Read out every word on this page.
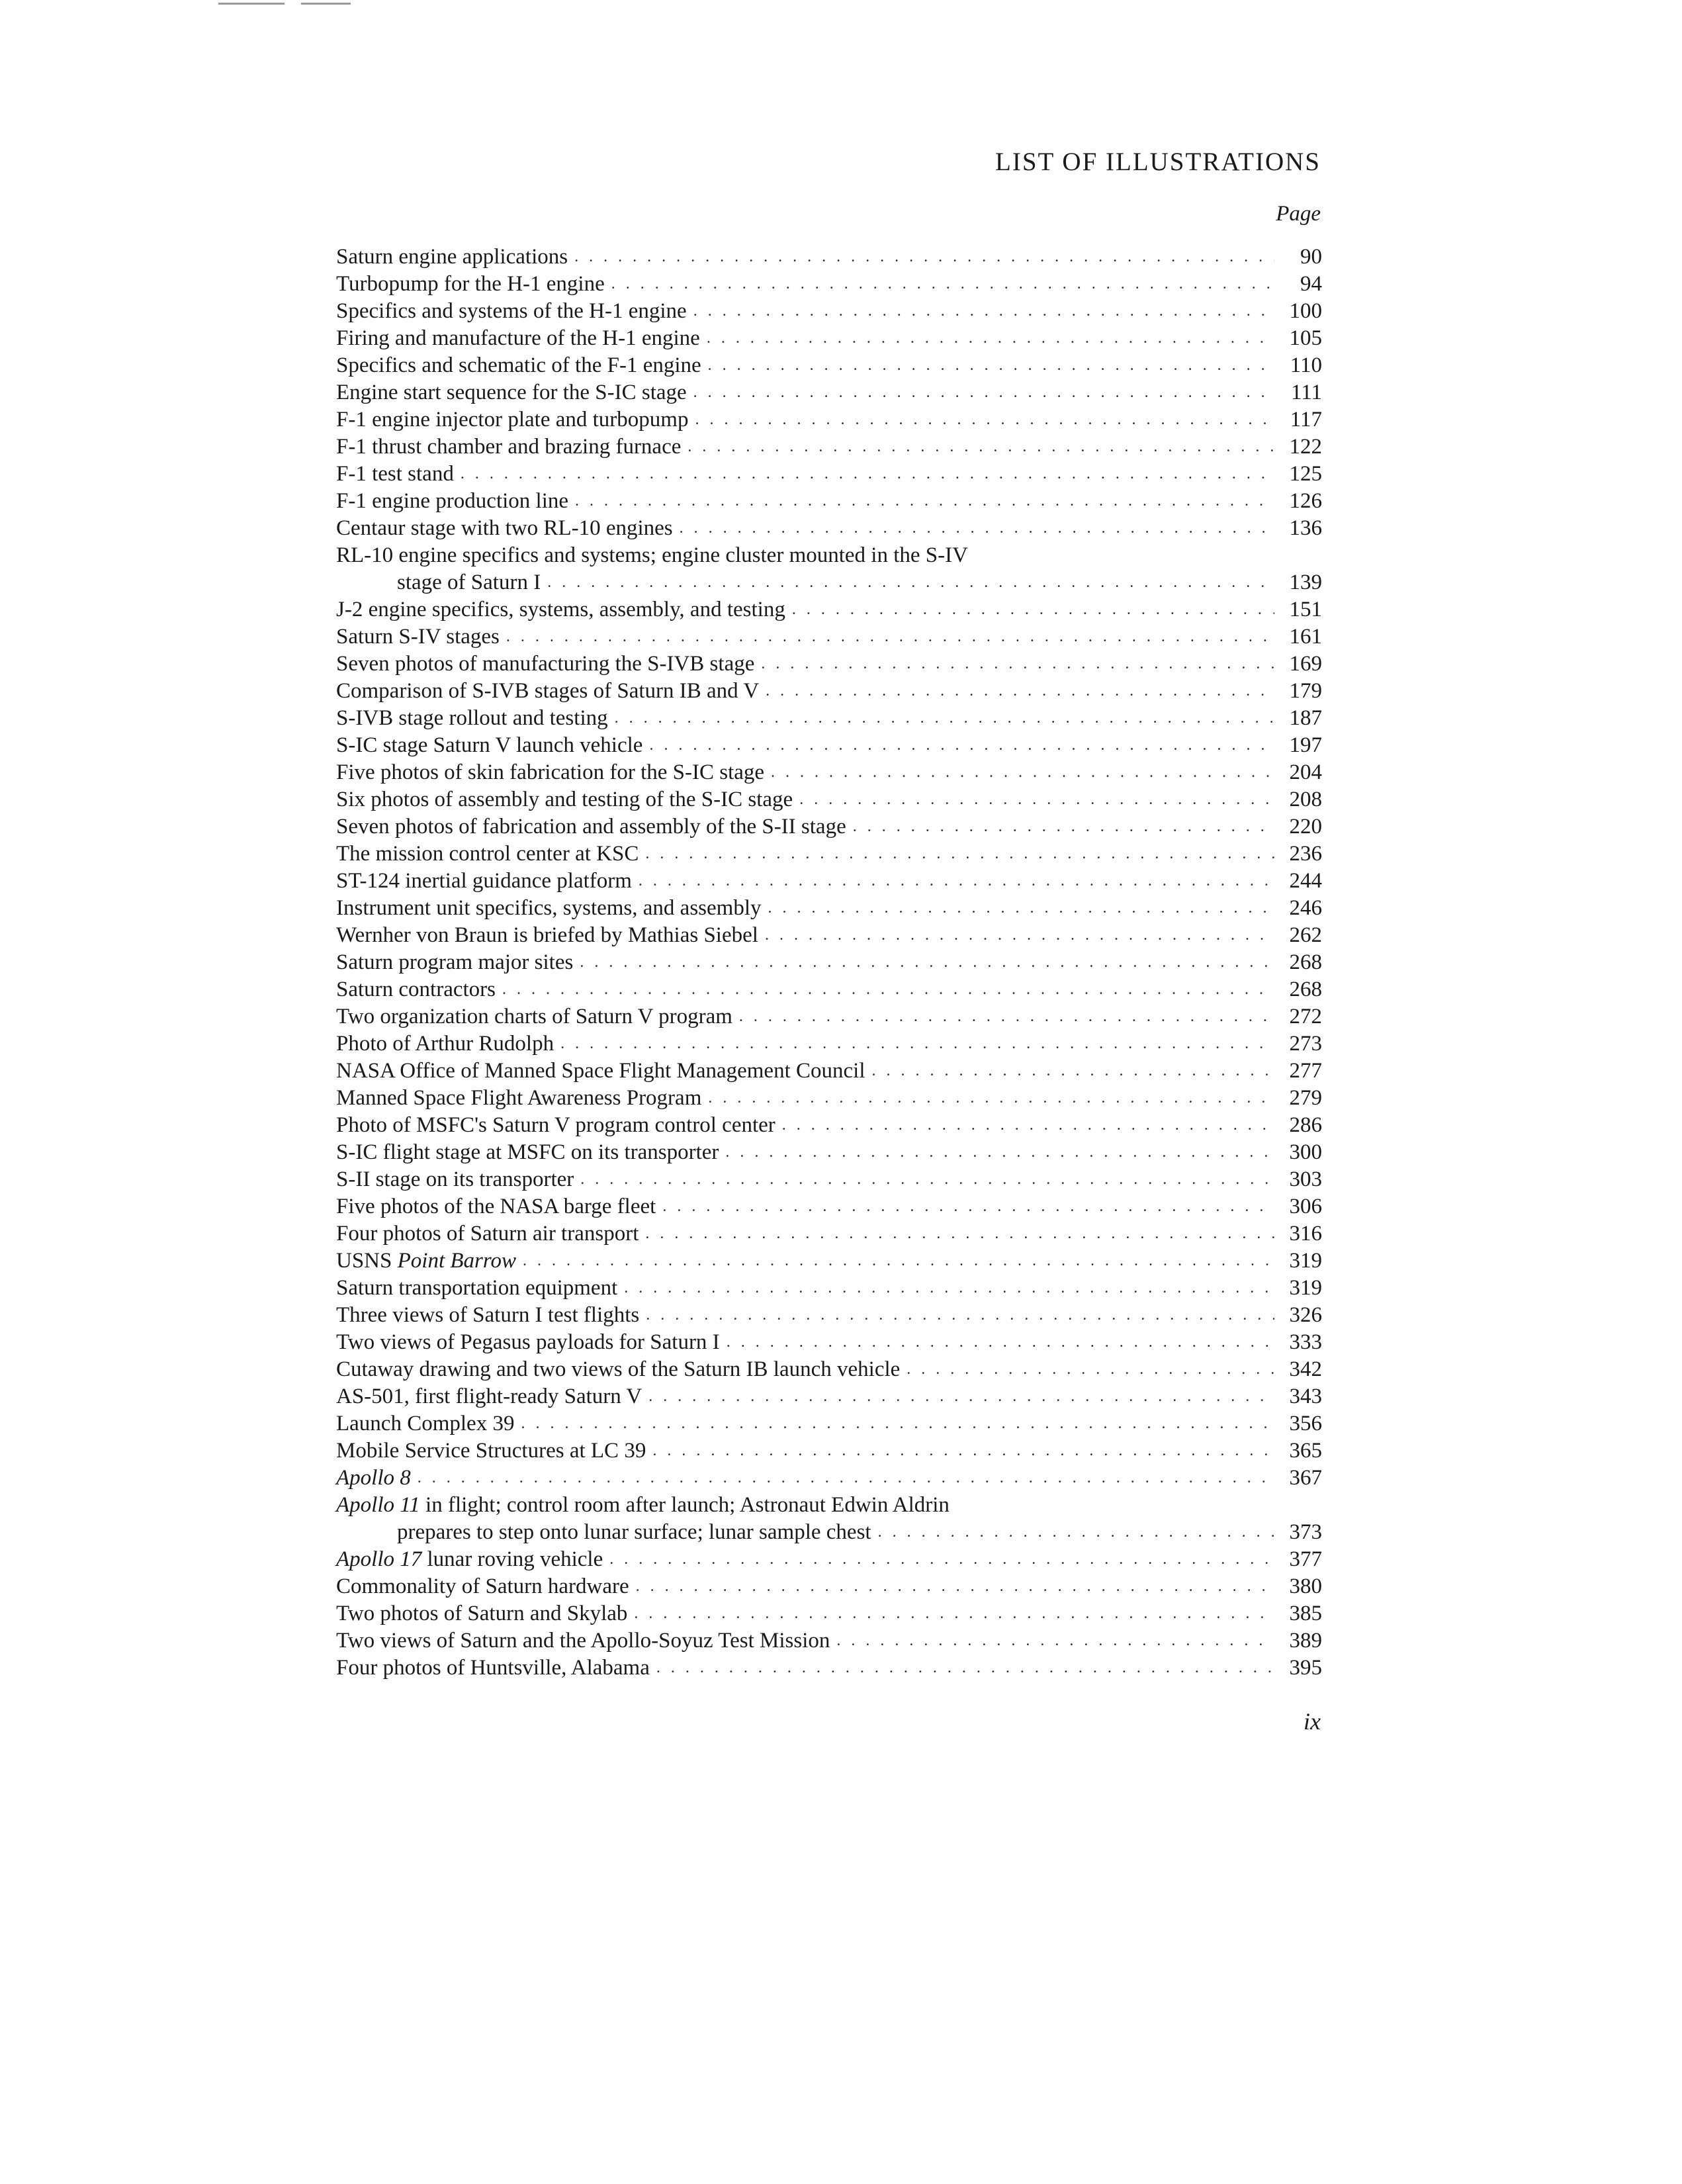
LIST OF ILLUSTRATIONS
Page
Saturn engine applications . . .	90
Turbopump for the H-1 engine . . .	94
Specifics and systems of the H-1 engine . . .	100
Firing and manufacture of the H-1 engine . . .	105
Specifics and schematic of the F-1 engine . . .	110
Engine start sequence for the S-IC stage . . .	111
F-1 engine injector plate and turbopump . . .	117
F-1 thrust chamber and brazing furnace . . .	122
F-1 test stand . . .	125
F-1 engine production line . . .	126
Centaur stage with two RL-10 engines . . .	136
RL-10 engine specifics and systems; engine cluster mounted in the S-IV
stage of Saturn I . . .	139
J-2 engine specifics, systems, assembly, and testing . . .	151
Saturn S-IV stages . . .	161
Seven photos of manufacturing the S-IVB stage . . .	169
Comparison of S-IVB stages of Saturn IB and V . . .	179
S-IVB stage rollout and testing . . .	187
S-IC stage Saturn V launch vehicle . . .	197
Five photos of skin fabrication for the S-IC stage . . .	204
Six photos of assembly and testing of the S-IC stage . . .	208
Seven photos of fabrication and assembly of the S-II stage . . .	220
The mission control center at KSC . . .	236
ST-124 inertial guidance platform . . .	244
Instrument unit specifics, systems, and assembly . . .	246
Wernher von Braun is briefed by Mathias Siebel . . .	262
Saturn program major sites . . .	268
Saturn contractors . . .	268
Two organization charts of Saturn V program . . .	272
Photo of Arthur Rudolph . . .	273
NASA Office of Manned Space Flight Management Council . . .	277
Manned Space Flight Awareness Program . . .	279
Photo of MSFC's Saturn V program control center . . .	286
S-IC flight stage at MSFC on its transporter . . .	300
S-II stage on its transporter . . .	303
Five photos of the NASA barge fleet . . .	306
Four photos of Saturn air transport . . .	316
USNS Point Barrow . . .	319
Saturn transportation equipment . . .	319
Three views of Saturn I test flights . . .	326
Two views of Pegasus payloads for Saturn I . . .	333
Cutaway drawing and two views of the Saturn IB launch vehicle . . .	342
AS-501, first flight-ready Saturn V . . .	343
Launch Complex 39 . . .	356
Mobile Service Structures at LC 39 . . .	365
Apollo 8 . . .	367
Apollo 11 in flight; control room after launch; Astronaut Edwin Aldrin
prepares to step onto lunar surface; lunar sample chest . . .	373
Apollo 17 lunar roving vehicle . . .	377
Commonality of Saturn hardware . . .	380
Two photos of Saturn and Skylab . . .	385
Two views of Saturn and the Apollo-Soyuz Test Mission . . .	389
Four photos of Huntsville, Alabama . . .	395
ix
